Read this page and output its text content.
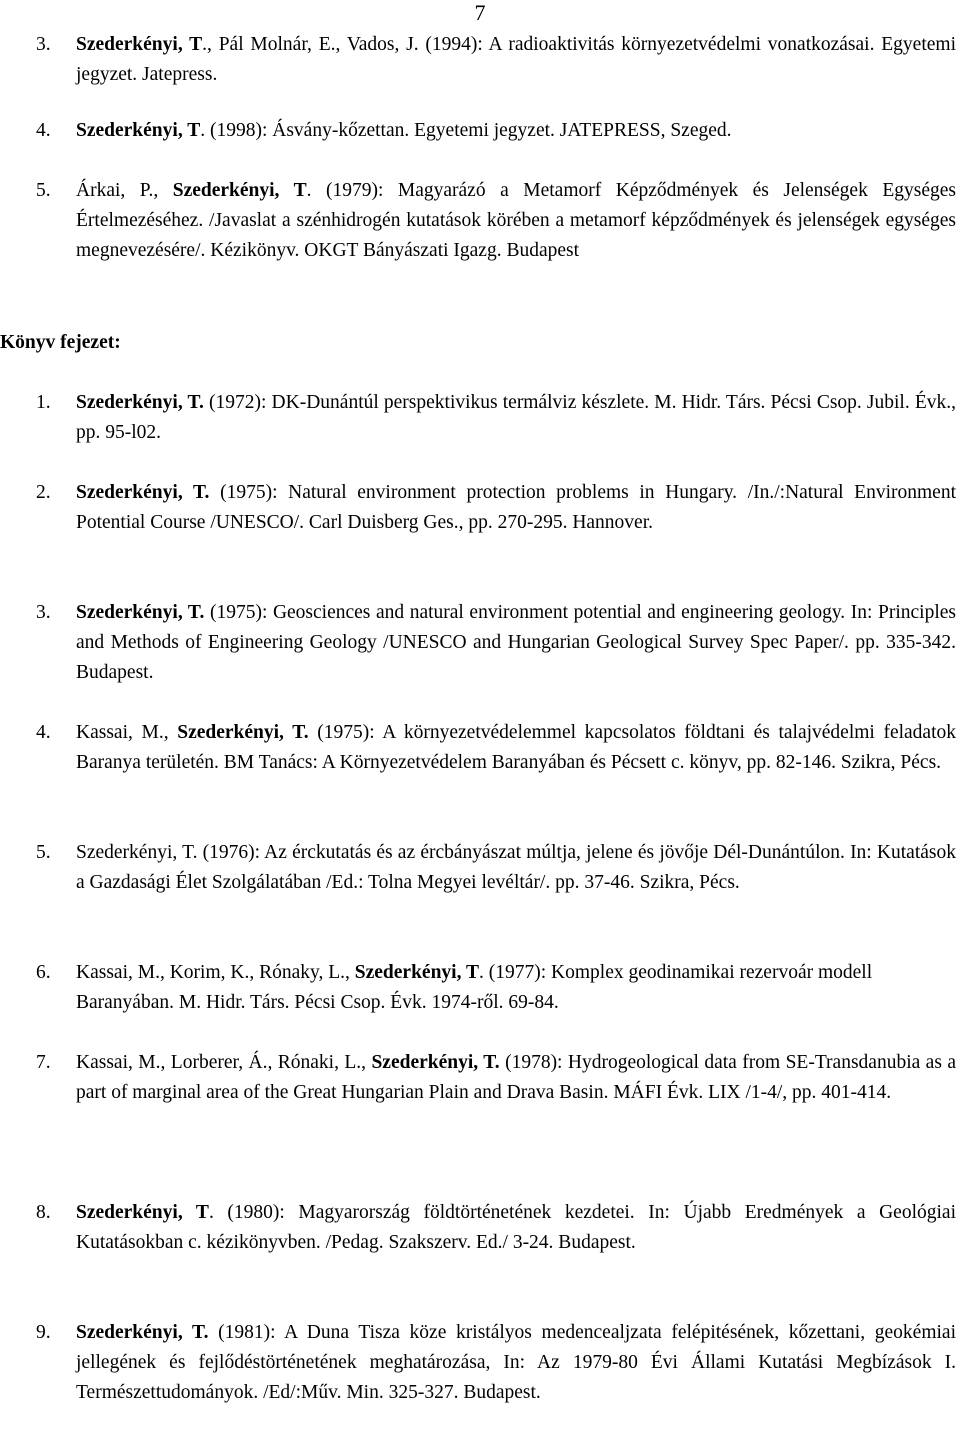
7
3. Szederkényi, T., Pál Molnár, E., Vados, J. (1994): A radioaktivitás környezetvédelmi vonatkozásai. Egyetemi jegyzet. Jatepress.
4. Szederkényi, T. (1998): Ásvány-kőzettan. Egyetemi jegyzet. JATEPRESS, Szeged.
5. Árkai, P., Szederkényi, T. (1979): Magyarázó a Metamorf Képződmények és Jelenségek Egységes Értelmezéséhez. /Javaslat a szénhidrogén kutatások körében a metamorf képződmények és jelenségek egységes megnevezésére/. Kézikönyv. OKGT Bányászati Igazg. Budapest
Könyv fejezet:
1. Szederkényi, T. (1972): DK-Dunántúl perspektivikus termálviz készlete. M. Hidr. Társ. Pécsi Csop. Jubil. Évk., pp. 95-l02.
2. Szederkényi, T. (1975): Natural environment protection problems in Hungary. /In./:Natural Environment Potential Course /UNESCO/. Carl Duisberg Ges., pp. 270-295. Hannover.
3. Szederkényi, T. (1975): Geosciences and natural environment potential and engineering geology. In: Principles and Methods of Engineering Geology /UNESCO and Hungarian Geological Survey Spec Paper/. pp. 335-342. Budapest.
4. Kassai, M., Szederkényi, T. (1975): A környezetvédelemmel kapcsolatos földtani és talajvédelmi feladatok Baranya területén. BM Tanács: A Környezetvédelem Baranyában és Pécsett c. könyv, pp. 82-146. Szikra, Pécs.
5. Szederkényi, T. (1976): Az érckutatás és az ércbányászat múltja, jelene és jövője Dél-Dunántúlon. In: Kutatások a Gazdasági Élet Szolgálatában /Ed.: Tolna Megyei levéltár/. pp. 37-46. Szikra, Pécs.
6. Kassai, M., Korim, K., Rónaky, L., Szederkényi, T. (1977): Komplex geodinamikai rezervoár modell Baranyában. M. Hidr. Társ. Pécsi Csop. Évk. 1974-ről. 69-84.
7. Kassai, M., Lorberer, Á., Rónaki, L., Szederkényi, T. (1978): Hydrogeological data from SE-Transdanubia as a part of marginal area of the Great Hungarian Plain and Drava Basin. MÁFI Évk. LIX /1-4/, pp. 401-414.
8. Szederkényi, T. (1980): Magyarország földtörténetének kezdetei. In: Újabb Eredmények a Geológiai Kutatásokban c. kézikönyvben. /Pedag. Szakszerv. Ed./ 3-24. Budapest.
9. Szederkényi, T. (1981): A Duna Tisza köze kristályos medencealjzata felépitésének, kőzettani, geokémiai jellegének és fejlődéstörténetének meghatározása, In: Az 1979-80 Évi Állami Kutatási Megbízások I. Természettudományok. /Ed/:Műv. Min. 325-327. Budapest.
